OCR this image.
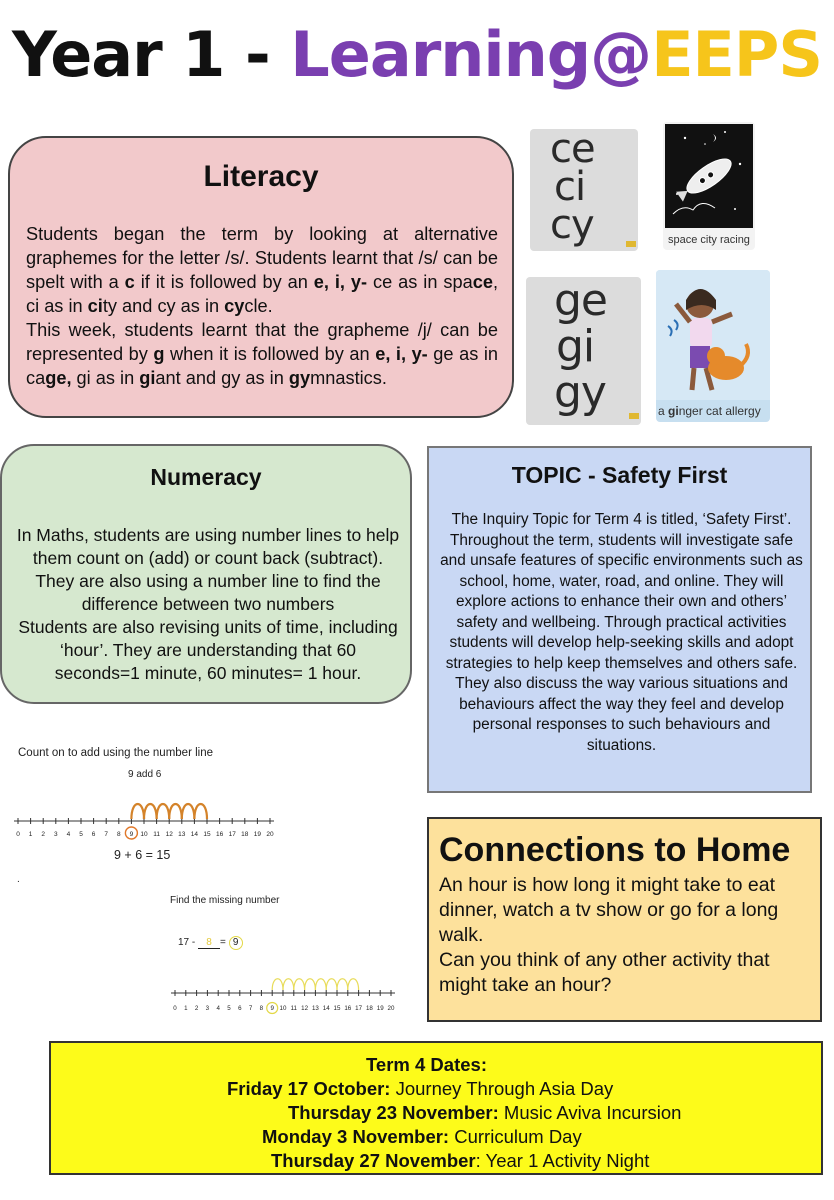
Year 1 - Learning@EEPS
Literacy

Students began the term by looking at alternative graphemes for the letter /s/. Students learnt that /s/ can be spelt with a c if it is followed by an e, i, y- ce as in space, ci as in city and cy as in cycle.

This week, students learnt that the grapheme /j/ can be represented by g when it is followed by an e, i, y- ge as in cage, gi as in giant and gy as in gymnastics.

ce
ci
cy	space city racing
ge
gi
gy	a ginger cat allergy
Numeracy

In Maths, students are using number lines to help them count on (add) or count back (subtract). They are also using a number line to find the difference between two numbers

Students are also revising units of time, including ‘hour’. They are understanding that 60 seconds=1 minute, 60 minutes= 1 hour.

Count on to add using the number line
9 add 6
0 1 2 3 4 5 6 7 8 9 10 11 12 13 14 15 16 17 18 19 20
9 + 6 = 15
.
Find the missing number
17 - 8 = 9
0 1 2 3 4 5 6 7 8 9 10 11 12 13 14 15 16 17 18 19 20
TOPIC - Safety First
The Inquiry Topic for Term 4 is titled, ‘Safety First’. Throughout the term, students will investigate safe and unsafe features of specific environments such as school, home, water, road, and online. They will explore actions to enhance their own and others’ safety and wellbeing. Through practical activities students will develop help-seeking skills and adopt strategies to help keep themselves and others safe. They also discuss the way various situations and behaviours affect the way they feel and develop personal responses to such behaviours and situations.
Connections to Home

An hour is how long it might take to eat dinner, watch a tv show or go for a long walk.

Can you think of any other activity that might take an hour?

Term 4 Dates:
Friday 17 October: Journey Through Asia Day
Thursday 23 November: Music Aviva Incursion
Monday 3 November: Curriculum Day
Thursday 27 November: Year 1 Activity Night
